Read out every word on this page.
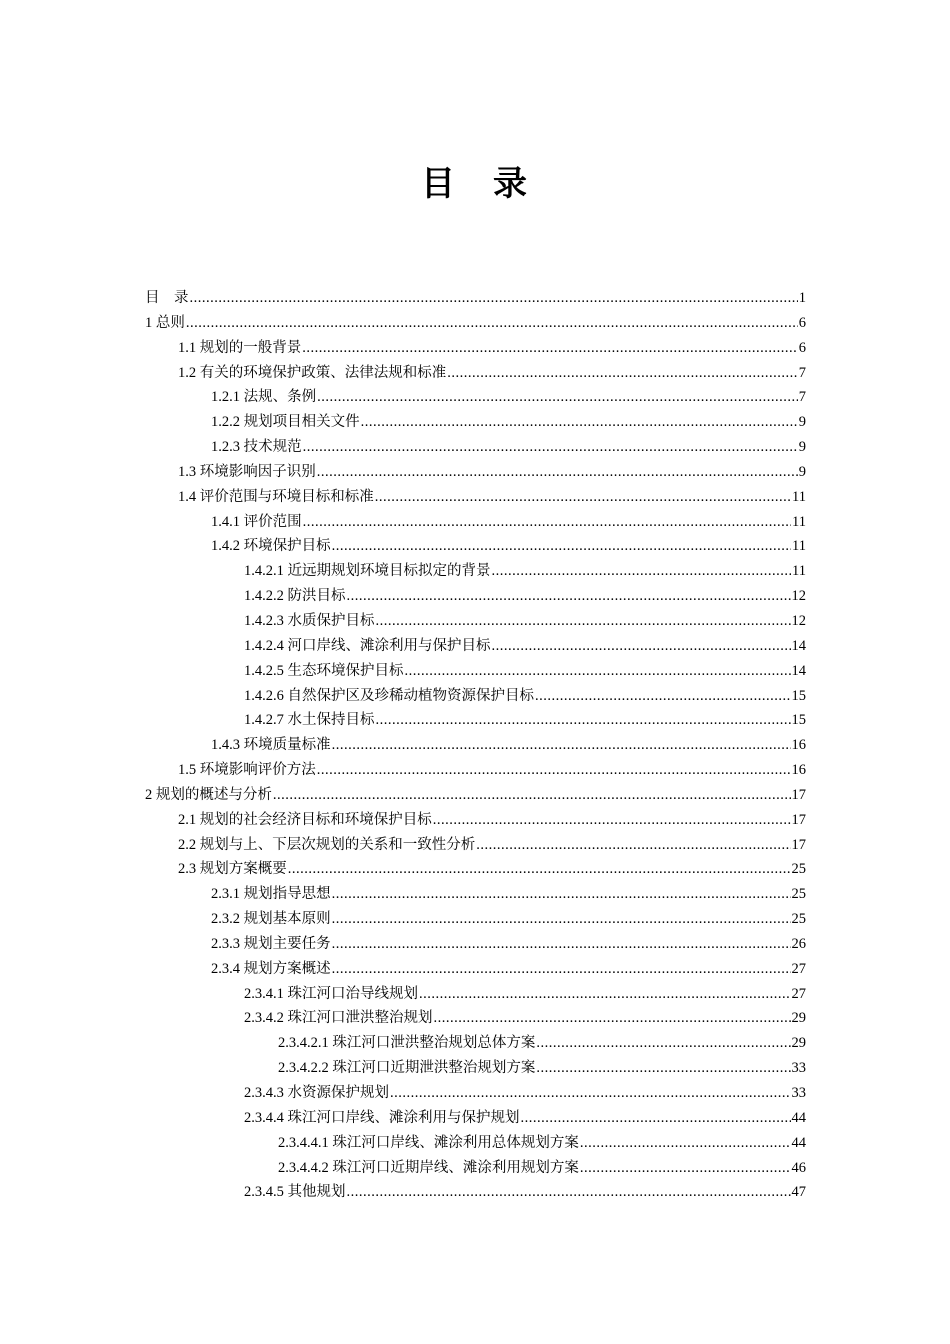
目　录
目　录 .....	1
1 总则 .....	6
1.1 规划的一般背景 .....	6
1.2 有关的环境保护政策、法律法规和标准 .....	7
1.2.1 法规、条例 .....	7
1.2.2 规划项目相关文件 .....	9
1.2.3 技术规范 .....	9
1.3 环境影响因子识别 .....	9
1.4 评价范围与环境目标和标准 .....	11
1.4.1 评价范围 .....	11
1.4.2 环境保护目标 .....	11
1.4.2.1 近远期规划环境目标拟定的背景 .....	11
1.4.2.2 防洪目标 .....	12
1.4.2.3 水质保护目标 .....	12
1.4.2.4 河口岸线、滩涂利用与保护目标 .....	14
1.4.2.5 生态环境保护目标 .....	14
1.4.2.6 自然保护区及珍稀动植物资源保护目标 .....	15
1.4.2.7 水土保持目标 .....	15
1.4.3 环境质量标准 .....	16
1.5 环境影响评价方法 .....	16
2 规划的概述与分析 .....	17
2.1 规划的社会经济目标和环境保护目标 .....	17
2.2 规划与上、下层次规划的关系和一致性分析 .....	17
2.3 规划方案概要 .....	25
2.3.1 规划指导思想 .....	25
2.3.2 规划基本原则 .....	25
2.3.3 规划主要任务 .....	26
2.3.4 规划方案概述 .....	27
2.3.4.1 珠江河口治导线规划 .....	27
2.3.4.2 珠江河口泄洪整治规划 .....	29
2.3.4.2.1 珠江河口泄洪整治规划总体方案 .....	29
2.3.4.2.2 珠江河口近期泄洪整治规划方案 .....	33
2.3.4.3 水资源保护规划 .....	33
2.3.4.4 珠江河口岸线、滩涂利用与保护规划 .....	44
2.3.4.4.1 珠江河口岸线、滩涂利用总体规划方案 .....	44
2.3.4.4.2 珠江河口近期岸线、滩涂利用规划方案 .....	46
2.3.4.5 其他规划 .....	47
